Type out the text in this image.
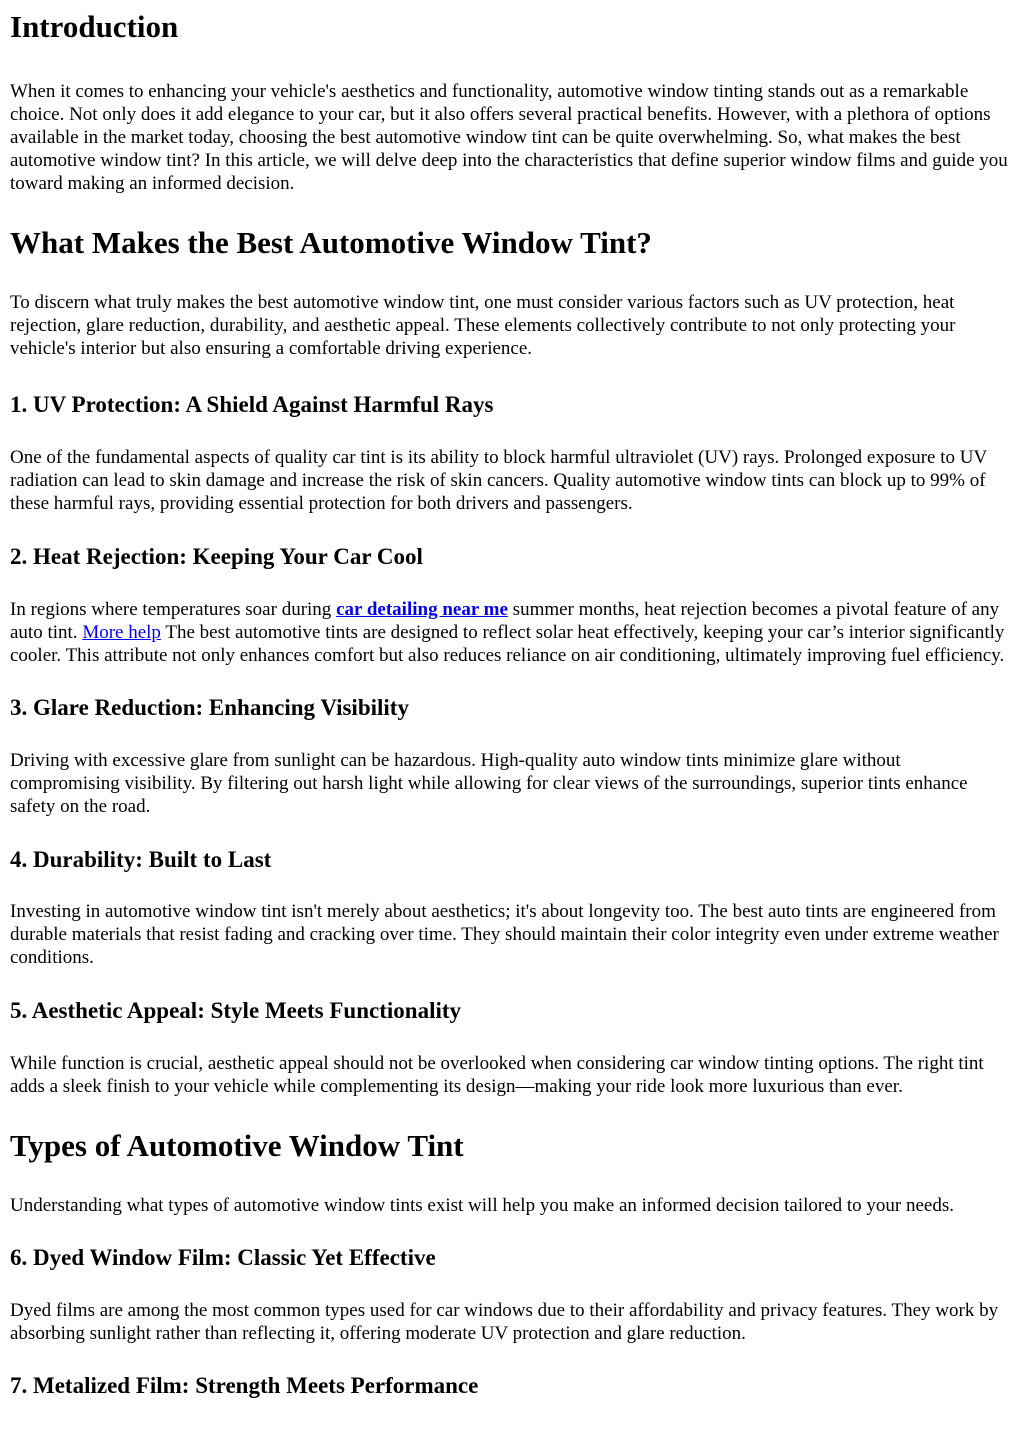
Introduction

When it comes to enhancing your vehicle's aesthetics and functionality, automotive window tinting stands out as a remarkable choice. Not only does it add elegance to your car, but it also offers several practical benefits. However, with a plethora of options available in the market today, choosing the best automotive window tint can be quite overwhelming. So, what makes the best automotive window tint? In this article, we will delve deep into the characteristics that define superior window films and guide you toward making an informed decision.

What Makes the Best Automotive Window Tint?

To discern what truly makes the best automotive window tint, one must consider various factors such as UV protection, heat rejection, glare reduction, durability, and aesthetic appeal. These elements collectively contribute to not only protecting your vehicle's interior but also ensuring a comfortable driving experience.

1. UV Protection: A Shield Against Harmful Rays

One of the fundamental aspects of quality car tint is its ability to block harmful ultraviolet (UV) rays. Prolonged exposure to UV radiation can lead to skin damage and increase the risk of skin cancers. Quality automotive window tints can block up to 99% of these harmful rays, providing essential protection for both drivers and passengers.

2. Heat Rejection: Keeping Your Car Cool

In regions where temperatures soar during car detailing near me summer months, heat rejection becomes a pivotal feature of any auto tint. More help The best automotive tints are designed to reflect solar heat effectively, keeping your car’s interior significantly cooler. This attribute not only enhances comfort but also reduces reliance on air conditioning, ultimately improving fuel efficiency.

3. Glare Reduction: Enhancing Visibility

Driving with excessive glare from sunlight can be hazardous. High-quality auto window tints minimize glare without compromising visibility. By filtering out harsh light while allowing for clear views of the surroundings, superior tints enhance safety on the road.

4. Durability: Built to Last

Investing in automotive window tint isn't merely about aesthetics; it's about longevity too. The best auto tints are engineered from durable materials that resist fading and cracking over time. They should maintain their color integrity even under extreme weather conditions.

5. Aesthetic Appeal: Style Meets Functionality

While function is crucial, aesthetic appeal should not be overlooked when considering car window tinting options. The right tint adds a sleek finish to your vehicle while complementing its design—making your ride look more luxurious than ever.

Types of Automotive Window Tint

Understanding what types of automotive window tints exist will help you make an informed decision tailored to your needs.

6. Dyed Window Film: Classic Yet Effective

Dyed films are among the most common types used for car windows due to their affordability and privacy features. They work by absorbing sunlight rather than reflecting it, offering moderate UV protection and glare reduction.

7. Metalized Film: Strength Meets Performance
